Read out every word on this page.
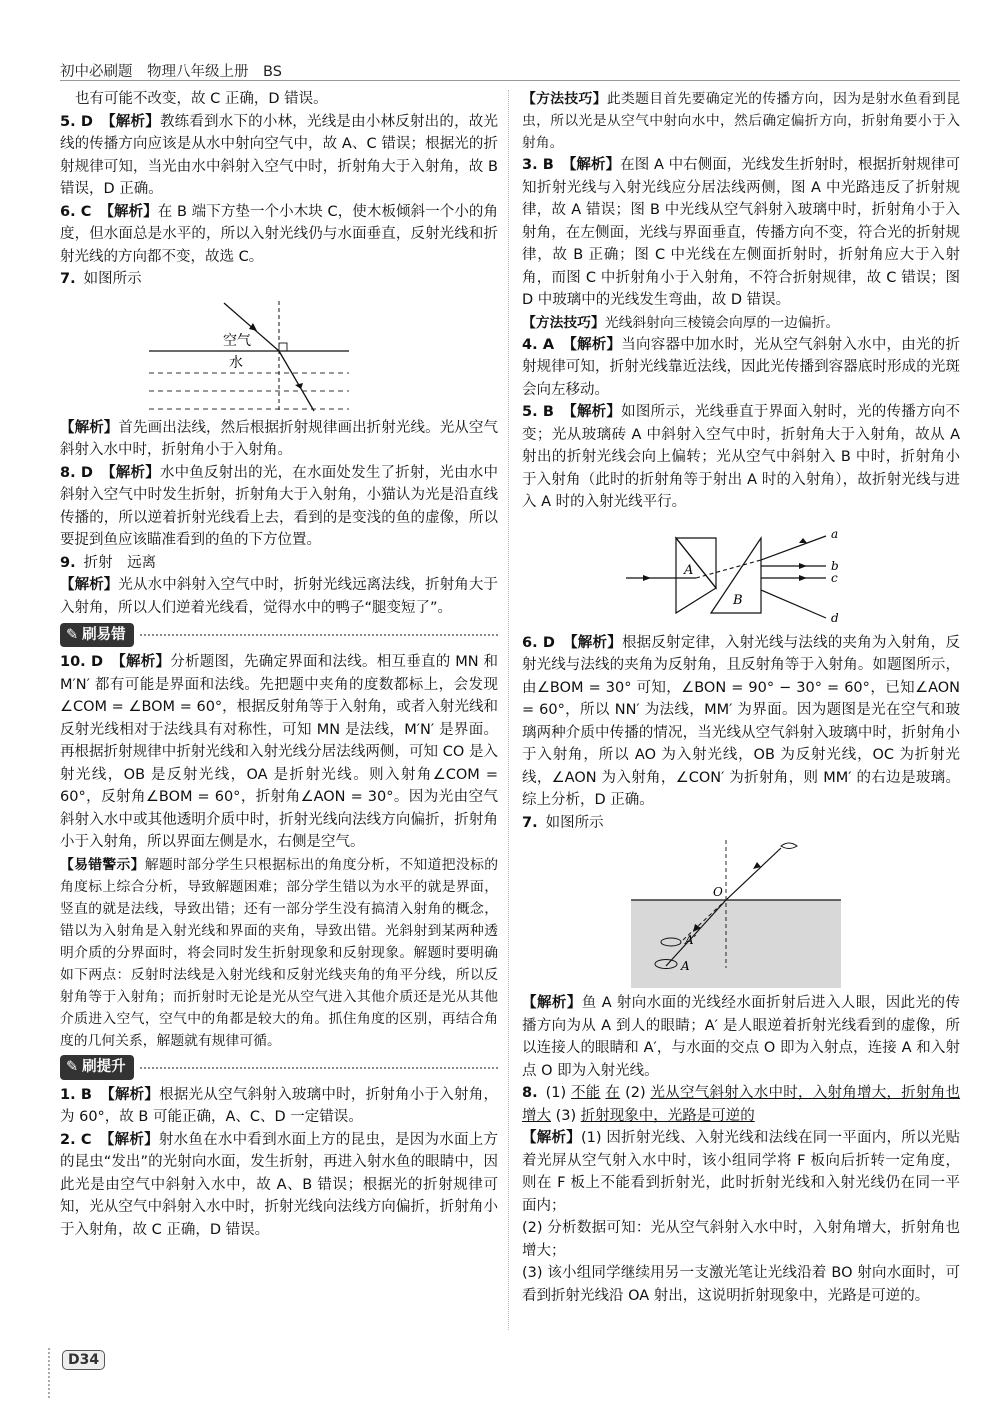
初中必刷题　物理八年级上册　BS

也有可能不改变，故 C 正确，D 错误。

5. D 【解析】教练看到水下的小林，光线是由小林反射出的，故光线的传播方向应该是从水中射向空气中，故 A、C 错误；根据光的折射规律可知，当光由水中斜射入空气中时，折射角大于入射角，故 B 错误，D 正确。

6. C 【解析】在 B 端下方垫一个小木块 C，使木板倾斜一个小的角度，但水面总是水平的，所以入射光线仍与水面垂直，反射光线和折射光线的方向都不变，故选 C。

7. 如图所示

空气
水

【解析】首先画出法线，然后根据折射规律画出折射光线。光从空气斜射入水中时，折射角小于入射角。

8. D 【解析】水中鱼反射出的光，在水面处发生了折射，光由水中斜射入空气中时发生折射，折射角大于入射角，小猫认为光是沿直线传播的，所以逆着折射光线看上去，看到的是变浅的鱼的虚像，所以要捉到鱼应该瞄准看到的鱼的下方位置。

9. 折射　远离

【解析】光从水中斜射入空气中时，折射光线远离法线，折射角大于入射角，所以人们逆着光线看，觉得水中的鸭子“腿变短了”。

✎ 刷易错

10. D 【解析】分析题图，先确定界面和法线。相互垂直的 MN 和 M′N′ 都有可能是界面和法线。先把题中夹角的度数都标上，会发现∠COM = ∠BOM = 60°，根据反射角等于入射角，或者入射光线和反射光线相对于法线具有对称性，可知 MN 是法线，M′N′ 是界面。再根据折射规律中折射光线和入射光线分居法线两侧，可知 CO 是入射光线，OB 是反射光线，OA 是折射光线。则入射角∠COM = 60°，反射角∠BOM = 60°，折射角∠AON = 30°。因为光由空气斜射入水中或其他透明介质中时，折射光线向法线方向偏折，折射角小于入射角，所以界面左侧是水，右侧是空气。

【易错警示】解题时部分学生只根据标出的角度分析，不知道把没标的角度标上综合分析，导致解题困难；部分学生错以为水平的就是界面，竖直的就是法线，导致出错；还有一部分学生没有搞清入射角的概念，错以为入射角是入射光线和界面的夹角，导致出错。光斜射到某两种透明介质的分界面时，将会同时发生折射现象和反射现象。解题时要明确如下两点：反射时法线是入射光线和反射光线夹角的角平分线，所以反射角等于入射角；而折射时无论是光从空气进入其他介质还是光从其他介质进入空气，空气中的角都是较大的角。抓住角度的区别，再结合角度的几何关系，解题就有规律可循。

✎ 刷提升

1. B 【解析】根据光从空气斜射入玻璃中时，折射角小于入射角，为 60°，故 B 可能正确，A、C、D 一定错误。

2. C 【解析】射水鱼在水中看到水面上方的昆虫，是因为水面上方的昆虫“发出”的光射向水面，发生折射，再进入射水鱼的眼睛中，因此光是由空气中斜射入水中，故 A、B 错误；根据光的折射规律可知，光从空气中斜射入水中时，折射光线向法线方向偏折，折射角小于入射角，故 C 正确，D 错误。

【方法技巧】此类题目首先要确定光的传播方向，因为是射水鱼看到昆虫，所以光是从空气中射向水中，然后确定偏折方向，折射角要小于入射角。

3. B 【解析】在图 A 中右侧面，光线发生折射时，根据折射规律可知折射光线与入射光线应分居法线两侧，图 A 中光路违反了折射规律，故 A 错误；图 B 中光线从空气斜射入玻璃中时，折射角小于入射角，在左侧面，光线与界面垂直，传播方向不变，符合光的折射规律，故 B 正确；图 C 中光线在左侧面折射时，折射角应大于入射角，而图 C 中折射角小于入射角，不符合折射规律，故 C 错误；图 D 中玻璃中的光线发生弯曲，故 D 错误。

【方法技巧】光线斜射向三棱镜会向厚的一边偏折。

4. A 【解析】当向容器中加水时，光从空气斜射入水中，由光的折射规律可知，折射光线靠近法线，因此光传播到容器底时形成的光斑会向左移动。

5. B 【解析】如图所示，光线垂直于界面入射时，光的传播方向不变；光从玻璃砖 A 中斜射入空气中时，折射角大于入射角，故从 A 射出的折射光线会向上偏转；光从空气中斜射入 B 中时，折射角小于入射角（此时的折射角等于射出 A 时的入射角），故折射光线与进入 A 时的入射光线平行。

A
B
a
b
c
d

6. D 【解析】根据反射定律，入射光线与法线的夹角为入射角，反射光线与法线的夹角为反射角，且反射角等于入射角。如题图所示，由∠BOM = 30° 可知，∠BON = 90° − 30° = 60°，已知∠AON = 60°，所以 NN′ 为法线，MM′ 为界面。因为题图是光在空气和玻璃两种介质中传播的情况，当光线从空气斜射入玻璃中时，折射角小于入射角，所以 AO 为入射光线，OB 为反射光线，OC 为折射光线，∠AON 为入射角，∠CON′ 为折射角，则 MM′ 的右边是玻璃。综上分析，D 正确。

7. 如图所示

O
A′
A

【解析】鱼 A 射向水面的光线经水面折射后进入人眼，因此光的传播方向为从 A 到人的眼睛；A′ 是人眼逆着折射光线看到的虚像，所以连接人的眼睛和 A′，与水面的交点 O 即为入射点，连接 A 和入射点 O 即为入射光线。

8. (1) 不能 在 (2) 光从空气斜射入水中时，入射角增大，折射角也增大 (3) 折射现象中，光路是可逆的

【解析】(1) 因折射光线、入射光线和法线在同一平面内，所以光贴着光屏从空气射入水中时，该小组同学将 F 板向后折转一定角度，则在 F 板上不能看到折射光，此时折射光线和入射光线仍在同一平面内；

(2) 分析数据可知：光从空气斜射入水中时，入射角增大，折射角也增大；

(3) 该小组同学继续用另一支激光笔让光线沿着 BO 射向水面时，可看到折射光线沿 OA 射出，这说明折射现象中，光路是可逆的。

D34
